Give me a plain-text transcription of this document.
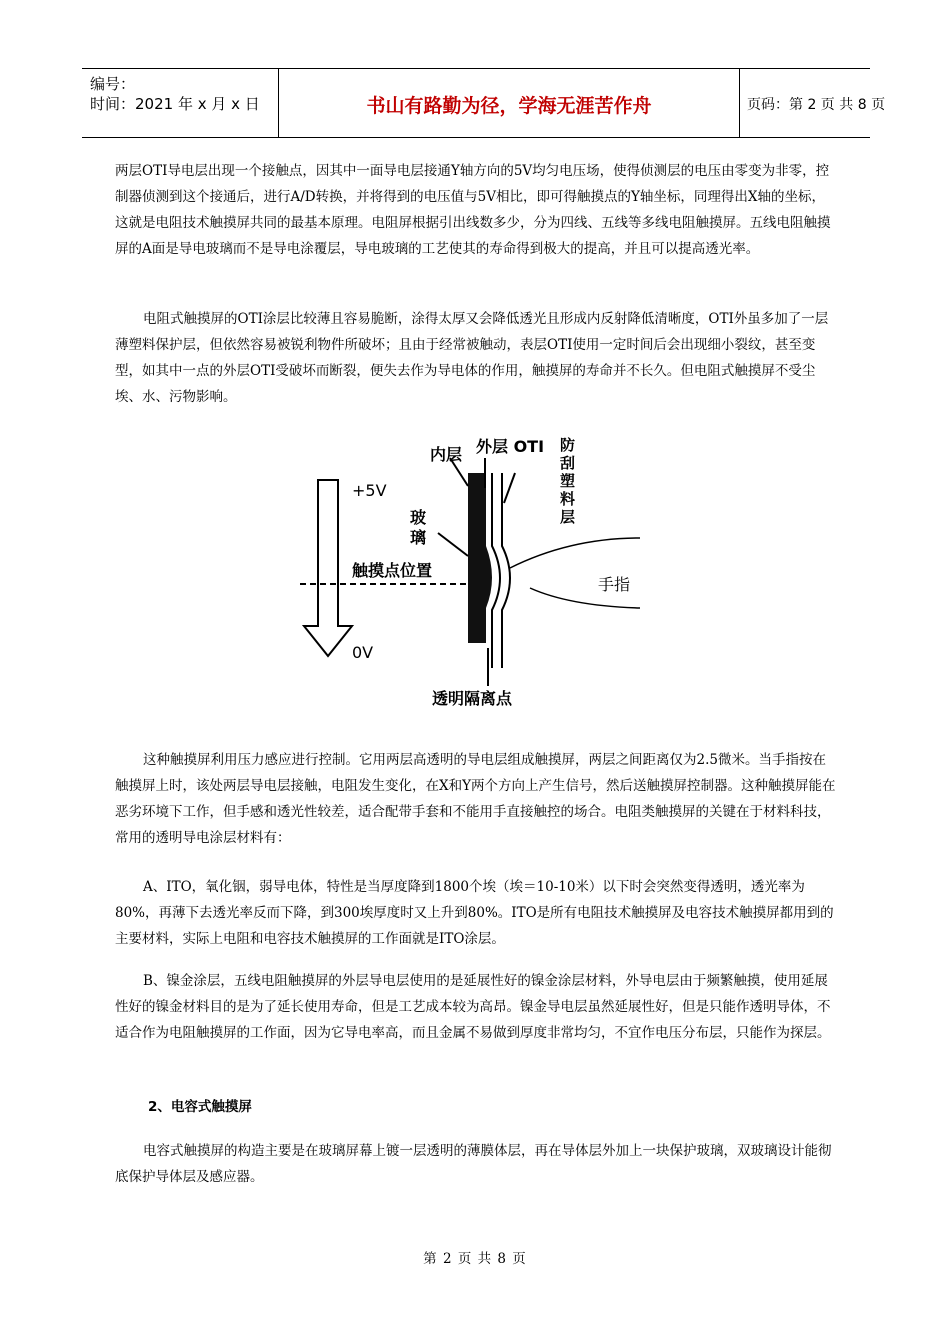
编号：
时间：2021 年 x 月 x 日	书山有路勤为径，学海无涯苦作舟	页码：第 2 页 共 8 页

两层OTI导电层出现一个接触点，因其中一面导电层接通Y轴方向的5V均匀电压场，使得侦测层的电压由零变为非零，控制器侦测到这个接通后，进行A/D转换，并将得到的电压值与5V相比，即可得触摸点的Y轴坐标，同理得出X轴的坐标，这就是电阻技术触摸屏共同的最基本原理。电阻屏根据引出线数多少，分为四线、五线等多线电阻触摸屏。五线电阻触摸屏的A面是导电玻璃而不是导电涂覆层，导电玻璃的工艺使其的寿命得到极大的提高，并且可以提高透光率。

电阻式触摸屏的OTI涂层比较薄且容易脆断，涂得太厚又会降低透光且形成内反射降低清晰度，OTI外虽多加了一层薄塑料保护层，但依然容易被锐利物件所破坏；且由于经常被触动，表层OTI使用一定时间后会出现细小裂纹，甚至变型，如其中一点的外层OTI受破坏而断裂，便失去作为导电体的作用，触摸屏的寿命并不长久。但电阻式触摸屏不受尘埃、水、污物影响。

内层 外层 OTI 防
刮
塑
料
层
+5V
玻
璃
触摸点位置
手指
0V
透明隔离点

这种触摸屏利用压力感应进行控制。它用两层高透明的导电层组成触摸屏，两层之间距离仅为2.5微米。当手指按在触摸屏上时，该处两层导电层接触，电阻发生变化，在X和Y两个方向上产生信号，然后送触摸屏控制器。这种触摸屏能在恶劣环境下工作，但手感和透光性较差，适合配带手套和不能用手直接触控的场合。电阻类触摸屏的关键在于材料科技，常用的透明导电涂层材料有：

A、ITO，氧化铟，弱导电体，特性是当厚度降到1800个埃（埃＝10-10米）以下时会突然变得透明，透光率为80%，再薄下去透光率反而下降，到300埃厚度时又上升到80%。ITO是所有电阻技术触摸屏及电容技术触摸屏都用到的主要材料，实际上电阻和电容技术触摸屏的工作面就是ITO涂层。

B、镍金涂层，五线电阻触摸屏的外层导电层使用的是延展性好的镍金涂层材料，外导电层由于频繁触摸，使用延展性好的镍金材料目的是为了延长使用寿命，但是工艺成本较为高昂。镍金导电层虽然延展性好，但是只能作透明导体，不适合作为电阻触摸屏的工作面，因为它导电率高，而且金属不易做到厚度非常均匀，不宜作电压分布层，只能作为探层。

2、电容式触摸屏

电容式触摸屏的构造主要是在玻璃屏幕上镀一层透明的薄膜体层，再在导体层外加上一块保护玻璃，双玻璃设计能彻底保护导体层及感应器。

第 2 页 共 8 页
